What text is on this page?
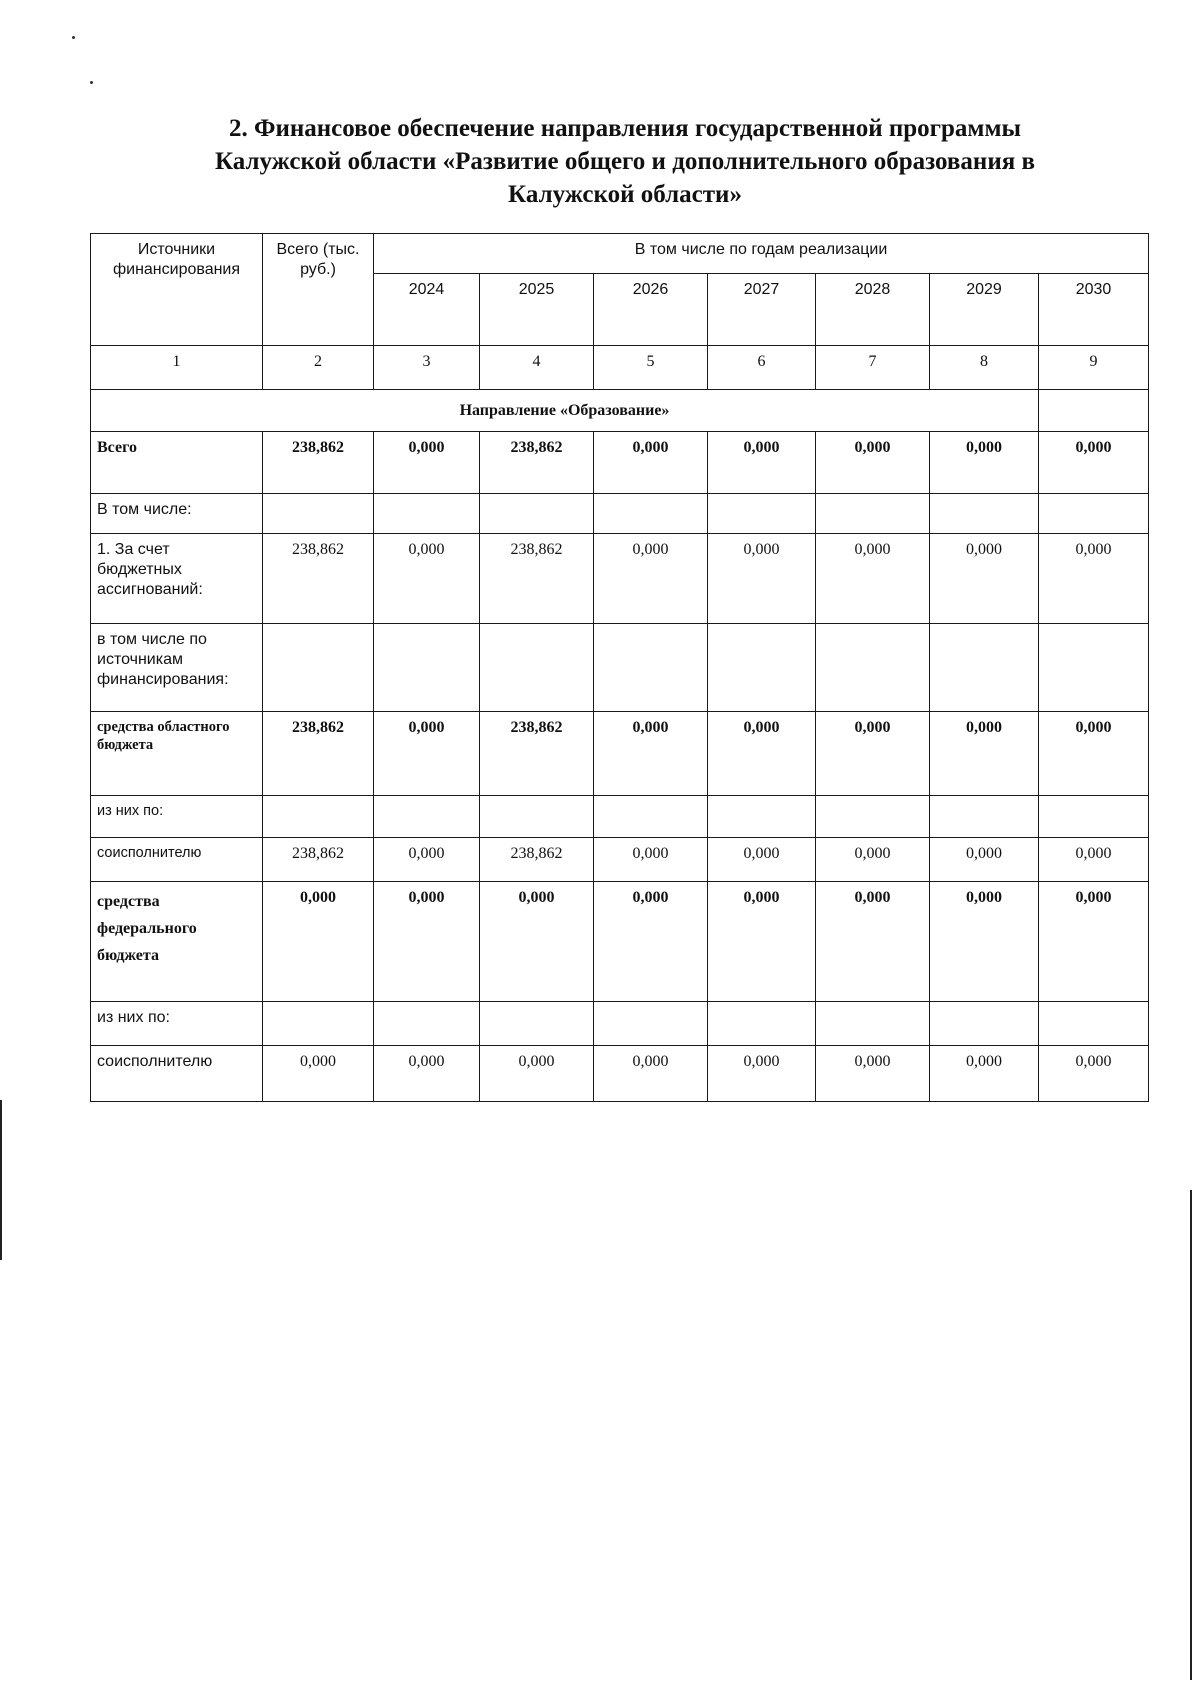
2. Финансовое обеспечение направления государственной программы
Калужской области «Развитие общего и дополнительного образования в
Калужской области»
Источники финансирования	Всего (тыс. руб.)	В том числе по годам реализации						
		2024	2025	2026	2027	2028	2029	2030
1	2	3	4	5	6	7	8	9
Направление «Образование»								
Всего	238,862	0,000	238,862	0,000	0,000	0,000	0,000	0,000
В том числе:								
1. За счет бюджетных ассигнований:	238,862	0,000	238,862	0,000	0,000	0,000	0,000	0,000
в том числе по источникам финансирования:								
средства областного бюджета	238,862	0,000	238,862	0,000	0,000	0,000	0,000	0,000
из них по:								
соисполнителю	238,862	0,000	238,862	0,000	0,000	0,000	0,000	0,000
средства федерального бюджета	0,000	0,000	0,000	0,000	0,000	0,000	0,000	0,000
из них по:								
соисполнителю	0,000	0,000	0,000	0,000	0,000	0,000	0,000	0,000
